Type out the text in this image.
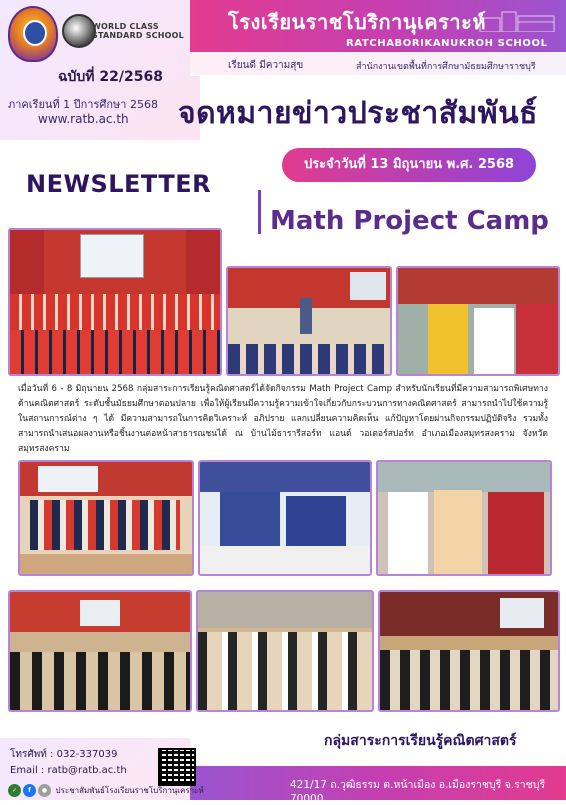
WORLD CLASS
STANDARD SCHOOL
ฉบับที่ 22/2568
ภาคเรียนที่ 1 ปีการศึกษา 2568
www.ratb.ac.th
โรงเรียนราชโบริกานุเคราะห์
RATCHABORIKANUKROH SCHOOL
เรียนดี มีความสุข	สำนักงานเขตพื้นที่การศึกษามัธยมศึกษาราชบุรี
จดหมายข่าวประชาสัมพันธ์
ประจำวันที่ 13 มิถุนายน พ.ศ. 2568
NEWSLETTER
Math Project Camp
เมื่อวันที่ 6 - 8 มิถุนายน 2568 กลุ่มสาระการเรียนรู้คณิตศาสตร์ได้จัดกิจกรรม Math Project Camp สำหรับนักเรียนที่มีความสามารถพิเศษทางด้านคณิตศาสตร์ ระดับชั้นมัธยมศึกษาตอนปลาย เพื่อให้ผู้เรียนมีความรู้ความเข้าใจเกี่ยวกับกระบวนการทางคณิตศาสตร์ สามารถนำไปใช้ความรู้ในสถานการณ์ต่าง ๆ ได้ มีความสามารถในการคิดวิเคราะห์ อภิปราย แลกเปลี่ยนความคิดเห็น แก้ปัญหาโดยผ่านกิจกรรมปฏิบัติจริง รวมทั้งสามารถนำเสนอผลงานหรือชิ้นงานต่อหน้าสาธารณชนได้ ณ บ้านไม้ธารารีสอร์ท แอนด์ วอเตอร์สปอร์ท อำเภอเมืองสมุทรสงคราม จังหวัดสมุทรสงคราม
กลุ่มสาระการเรียนรู้คณิตศาสตร์
โทรศัพท์ : 032-337039
Email : ratb@ratb.ac.th
✓ f ● ประชาสัมพันธ์โรงเรียนราชโบริกานุเคราะห์	421/17 ถ.วุฒิธรรม ต.หน้าเมือง อ.เมืองราชบุรี จ.ราชบุรี 70000
